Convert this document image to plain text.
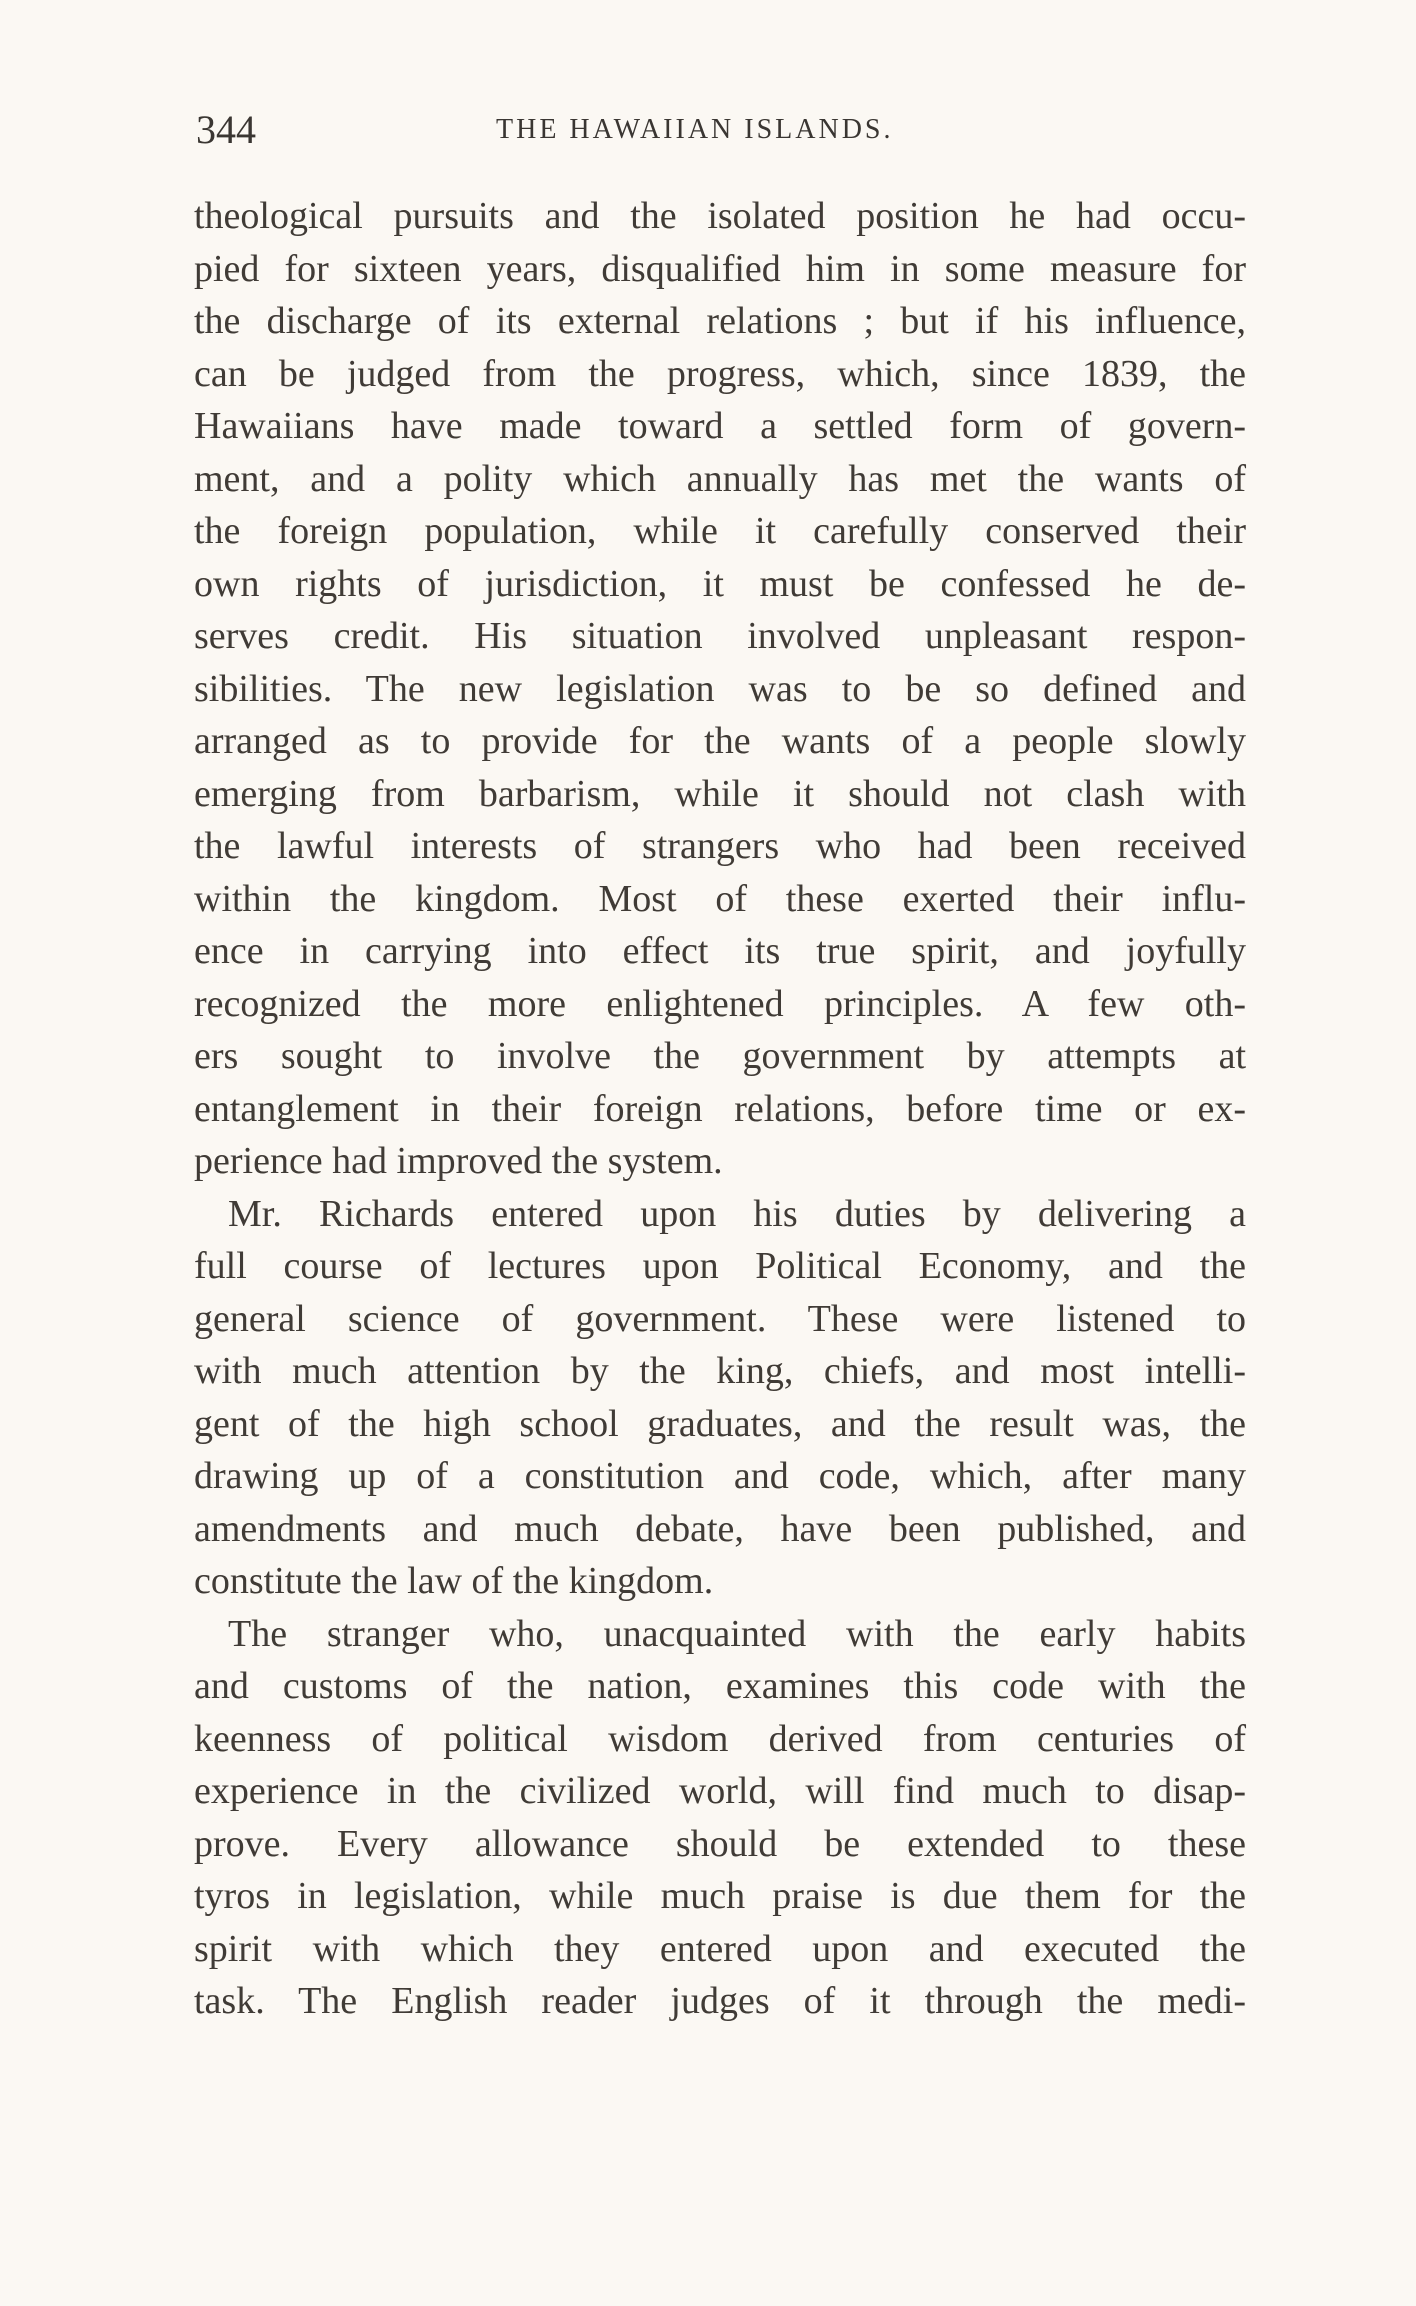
344	THE HAWAIIAN ISLANDS.
theological pursuits and the isolated position he had occu-
pied for sixteen years, disqualified him in some measure for
the discharge of its external relations ; but if his influence,
can be judged from the progress, which, since 1839, the
Hawaiians have made toward a settled form of govern-
ment, and a polity which annually has met the wants of
the foreign population, while it carefully conserved their
own rights of jurisdiction, it must be confessed he de-
serves credit. His situation involved unpleasant respon-
sibilities. The new legislation was to be so defined and
arranged as to provide for the wants of a people slowly
emerging from barbarism, while it should not clash with
the lawful interests of strangers who had been received
within the kingdom. Most of these exerted their influ-
ence in carrying into effect its true spirit, and joyfully
recognized the more enlightened principles. A few oth-
ers sought to involve the government by attempts at
entanglement in their foreign relations, before time or ex-
perience had improved the system.
Mr. Richards entered upon his duties by delivering a
full course of lectures upon Political Economy, and the
general science of government. These were listened to
with much attention by the king, chiefs, and most intelli-
gent of the high school graduates, and the result was, the
drawing up of a constitution and code, which, after many
amendments and much debate, have been published, and
constitute the law of the kingdom.
The stranger who, unacquainted with the early habits
and customs of the nation, examines this code with the
keenness of political wisdom derived from centuries of
experience in the civilized world, will find much to disap-
prove. Every allowance should be extended to these
tyros in legislation, while much praise is due them for the
spirit with which they entered upon and executed the
task. The English reader judges of it through the medi-
